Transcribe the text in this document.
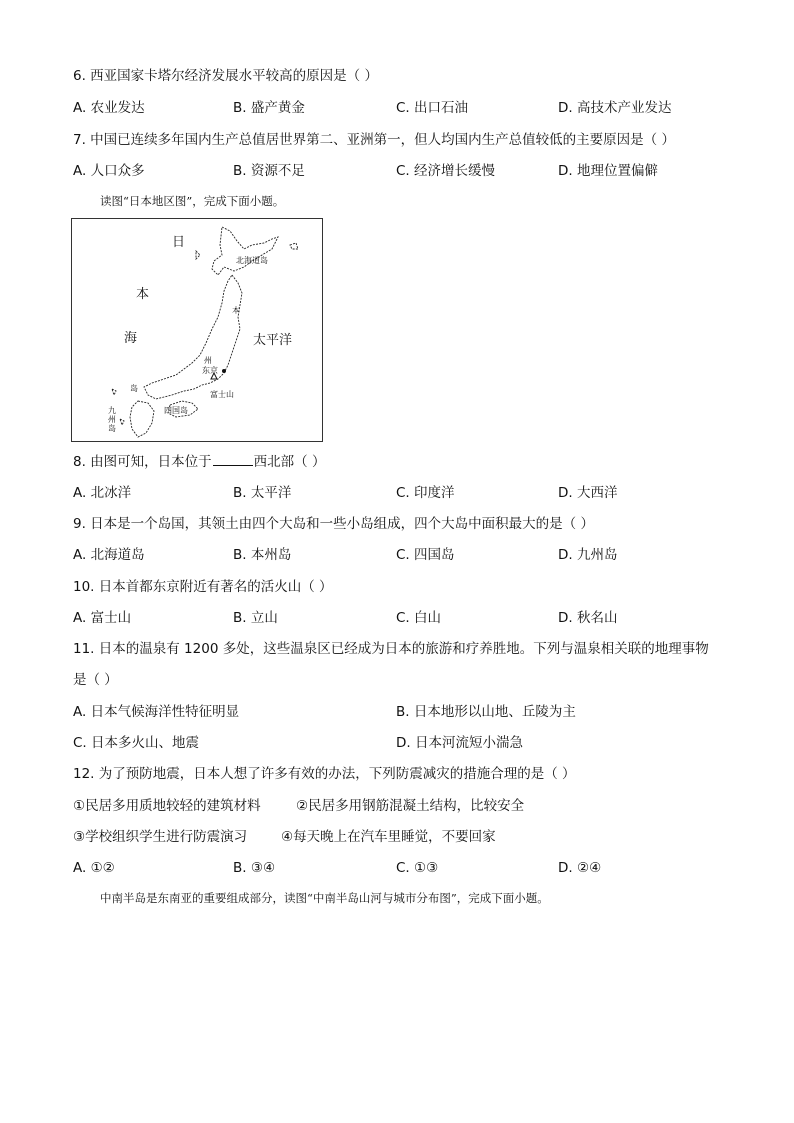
6. 西亚国家卡塔尔经济发展水平较高的原因是（ ）
A. 农业发达	B. 盛产黄金	C. 出口石油	D. 高技术产业发达
7. 中国已连续多年国内生产总值居世界第二、亚洲第一，但人均国内生产总值较低的主要原因是（ ）
A. 人口众多	B. 资源不足	C. 经济增长缓慢	D. 地理位置偏僻
读图“日本地区图”，完成下面小题。
日
本
海	太平洋
北海道岛
本
州
东京
富士山
四国岛
九
州
岛
岛
8. 由图可知，日本位于	西北部（ ）
A. 北冰洋	B. 太平洋	C. 印度洋	D. 大西洋
9. 日本是一个岛国，其领土由四个大岛和一些小岛组成，四个大岛中面积最大的是（ ）
A. 北海道岛	B. 本州岛	C. 四国岛	D. 九州岛
10. 日本首都东京附近有著名的活火山（ ）
A. 富士山	B. 立山	C. 白山	D. 秋名山
11. 日本的温泉有 1200 多处，这些温泉区已经成为日本的旅游和疗养胜地。下列与温泉相关联的地理事物
是（ ）
A. 日本气候海洋性特征明显	B. 日本地形以山地、丘陵为主
C. 日本多火山、地震	D. 日本河流短小湍急
12. 为了预防地震，日本人想了许多有效的办法，下列防震减灾的措施合理的是（ ）
①民居多用质地较轻的建筑材料	②民居多用钢筋混凝土结构，比较安全
③学校组织学生进行防震演习	④每天晚上在汽车里睡觉，不要回家
A. ①②	B. ③④	C. ①③	D. ②④
中南半岛是东南亚的重要组成部分，读图“中南半岛山河与城市分布图”，完成下面小题。
